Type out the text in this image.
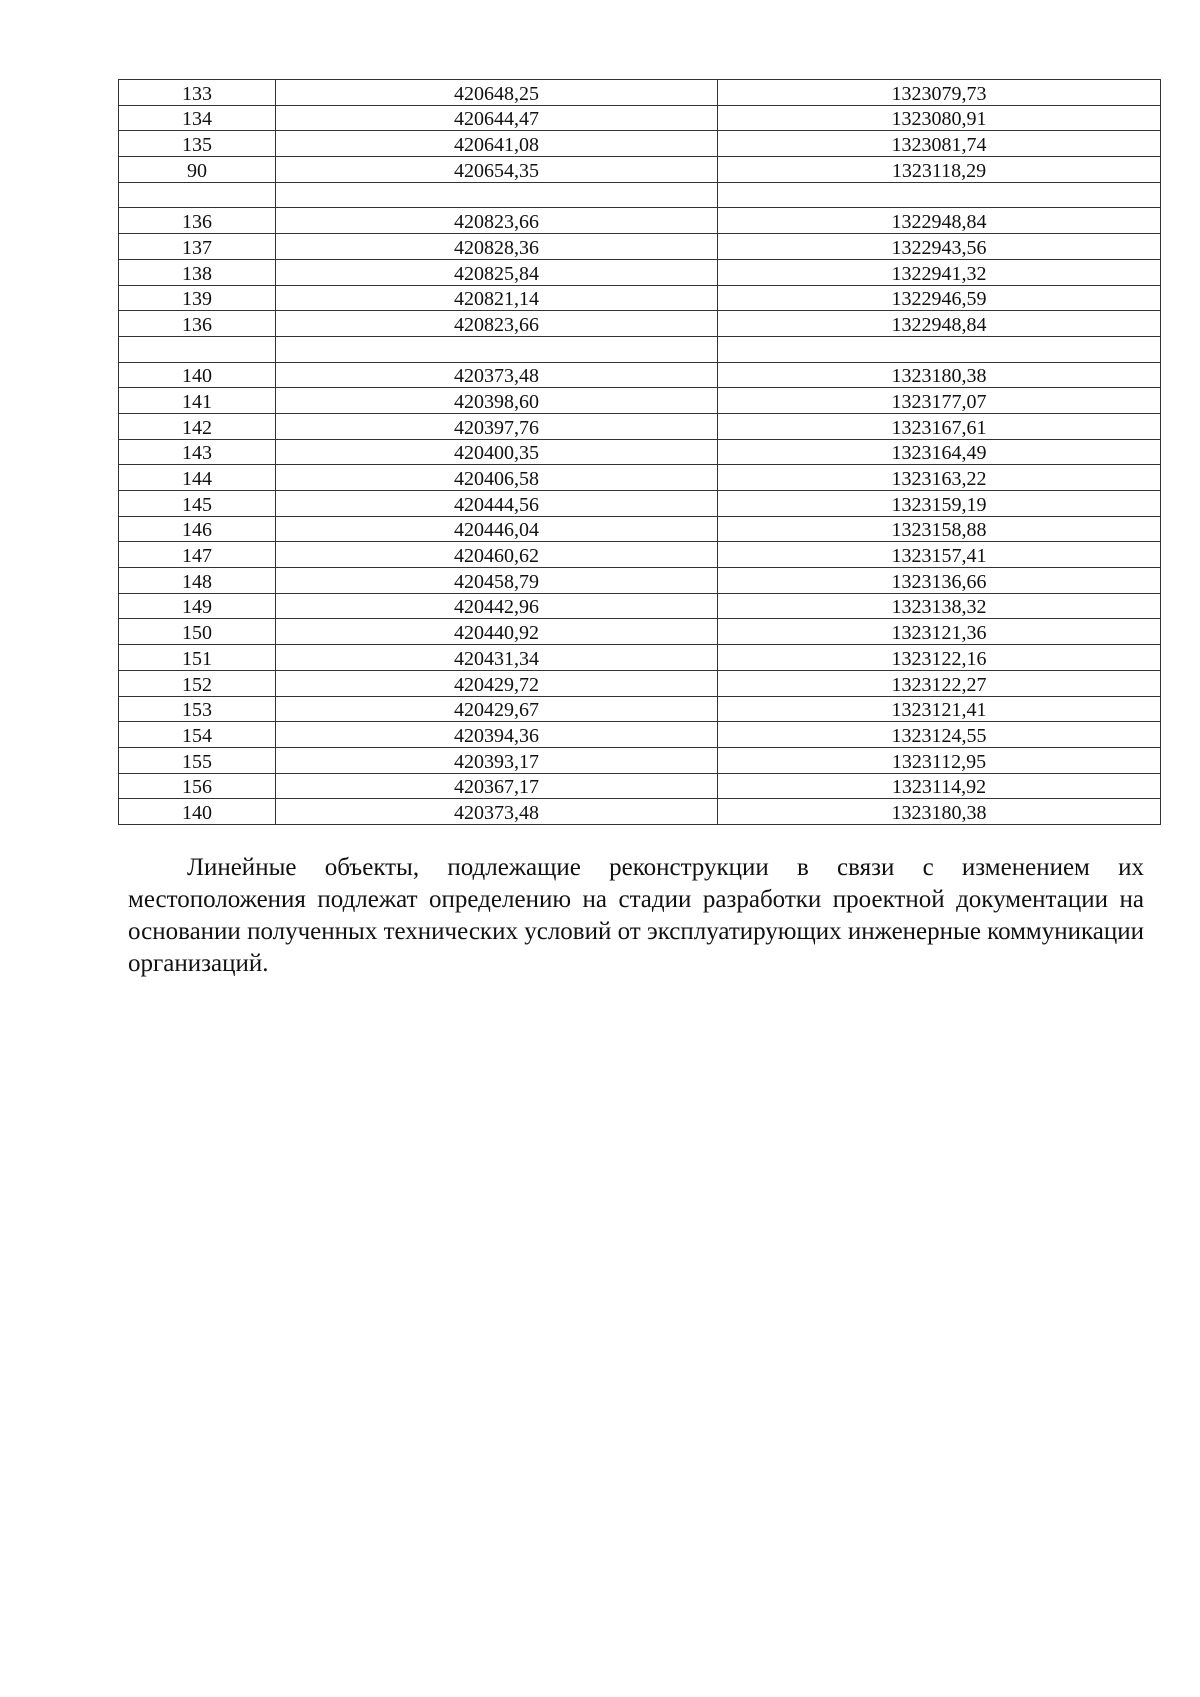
133	420648,25	1323079,73
134	420644,47	1323080,91
135	420641,08	1323081,74
90	420654,35	1323118,29

136	420823,66	1322948,84
137	420828,36	1322943,56
138	420825,84	1322941,32
139	420821,14	1322946,59
136	420823,66	1322948,84

140	420373,48	1323180,38
141	420398,60	1323177,07
142	420397,76	1323167,61
143	420400,35	1323164,49
144	420406,58	1323163,22
145	420444,56	1323159,19
146	420446,04	1323158,88
147	420460,62	1323157,41
148	420458,79	1323136,66
149	420442,96	1323138,32
150	420440,92	1323121,36
151	420431,34	1323122,16
152	420429,72	1323122,27
153	420429,67	1323121,41
154	420394,36	1323124,55
155	420393,17	1323112,95
156	420367,17	1323114,92
140	420373,48	1323180,38

Линейные объекты, подлежащие реконструкции в связи с изменением их местоположения подлежат определению на стадии разработки проектной документации на основании полученных технических условий от эксплуатирующих инженерные коммуникации организаций.
